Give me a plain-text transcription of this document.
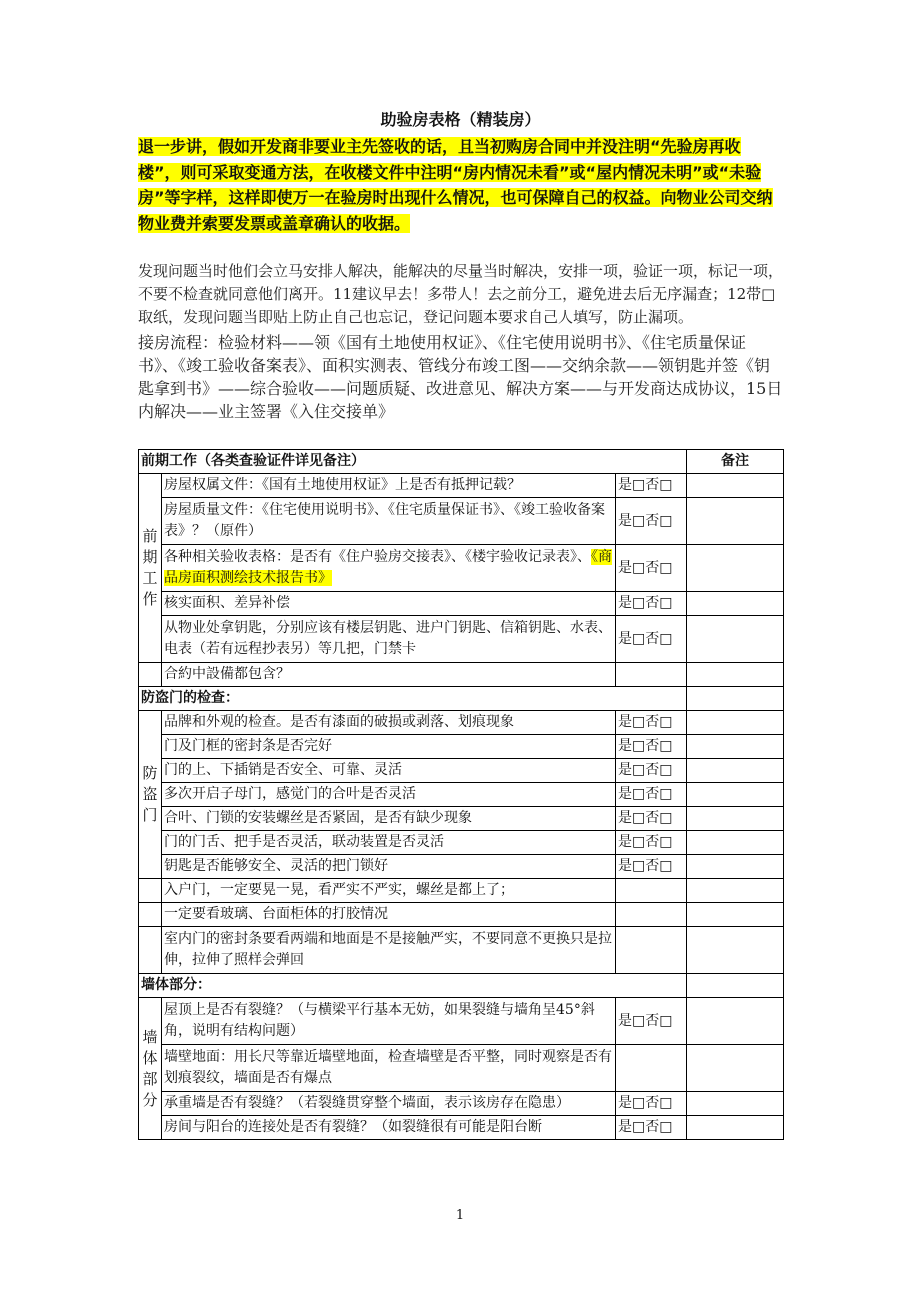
助验房表格（精装房）
退一步讲，假如开发商非要业主先签收的话，且当初购房合同中并没注明“先验房再收楼”，则可采取变通方法，在收楼文件中注明“房内情况未看”或“屋内情况未明”或“未验房”等字样，这样即使万一在验房时出现什么情况，也可保障自己的权益。向物业公司交纳物业费并索要发票或盖章确认的收据。
发现问题当时他们会立马安排人解决，能解决的尽量当时解决，安排一项，验证一项，标记一项，不要不检查就同意他们离开。11建议早去！多带人！去之前分工，避免进去后无序漏查；12带□取纸，发现问题当即贴上防止自己也忘记，登记问题本要求自己人填写，防止漏项。
接房流程：检验材料——领《国有土地使用权证》、《住宅使用说明书》、《住宅质量保证书》、《竣工验收备案表》、面积实测表、管线分布竣工图——交纳余款——领钥匙并签《钥匙拿到书》——综合验收——问题质疑、改进意见、解决方案——与开发商达成协议，15日内解决——业主签署《入住交接单》
前期工作（各类查验证件详见备注）			备注

前
期
工
作	房屋权属文件：《国有土地使用权证》上是否有抵押记载？	是□否□	
	房屋质量文件：《住宅使用说明书》、《住宅质量保证书》、《竣工验收备案表》？（原件）	是□否□	
	各种相关验收表格：是否有《住户验房交接表》、《楼宇验收记录表》、《商品房面积测绘技术报告书》	是□否□	
	核实面积、差异补偿	是□否□	
	从物业处拿钥匙，分别应该有楼层钥匙、进户门钥匙、信箱钥匙、水表、电表（若有远程抄表另）等几把，门禁卡	是□否□	
	合約中設備都包含？		
防盗门的检查：			

防
盗
门	品牌和外观的检查。是否有漆面的破损或剥落、划痕现象	是□否□	
	门及门框的密封条是否完好	是□否□	
	门的上、下插销是否安全、可靠、灵活	是□否□	
	多次开启子母门，感觉门的合叶是否灵活	是□否□	
	合叶、门锁的安装螺丝是否紧固，是否有缺少现象	是□否□	
	门的门舌、把手是否灵活，联动装置是否灵活	是□否□	
	钥匙是否能够安全、灵活的把门锁好	是□否□	
	入户门，一定要晃一晃，看严实不严实，螺丝是都上了；		
	一定要看玻璃、台面柜体的打胶情况		
	室内门的密封条要看两端和地面是不是接触严实，不要同意不更换只是拉伸，拉伸了照样会弹回		
墙体部分：			

墙
体
部
分	屋顶上是否有裂缝？（与横梁平行基本无妨，如果裂缝与墙角呈45°斜角，说明有结构问题）	是□否□	
	墙壁地面：用长尺等靠近墙壁地面，检查墙壁是否平整，同时观察是否有划痕裂纹，墙面是否有爆点		
	承重墙是否有裂缝？（若裂缝贯穿整个墙面，表示该房存在隐患）	是□否□	
	房间与阳台的连接处是否有裂缝？（如裂缝很有可能是阳台断	是□否□	
1
